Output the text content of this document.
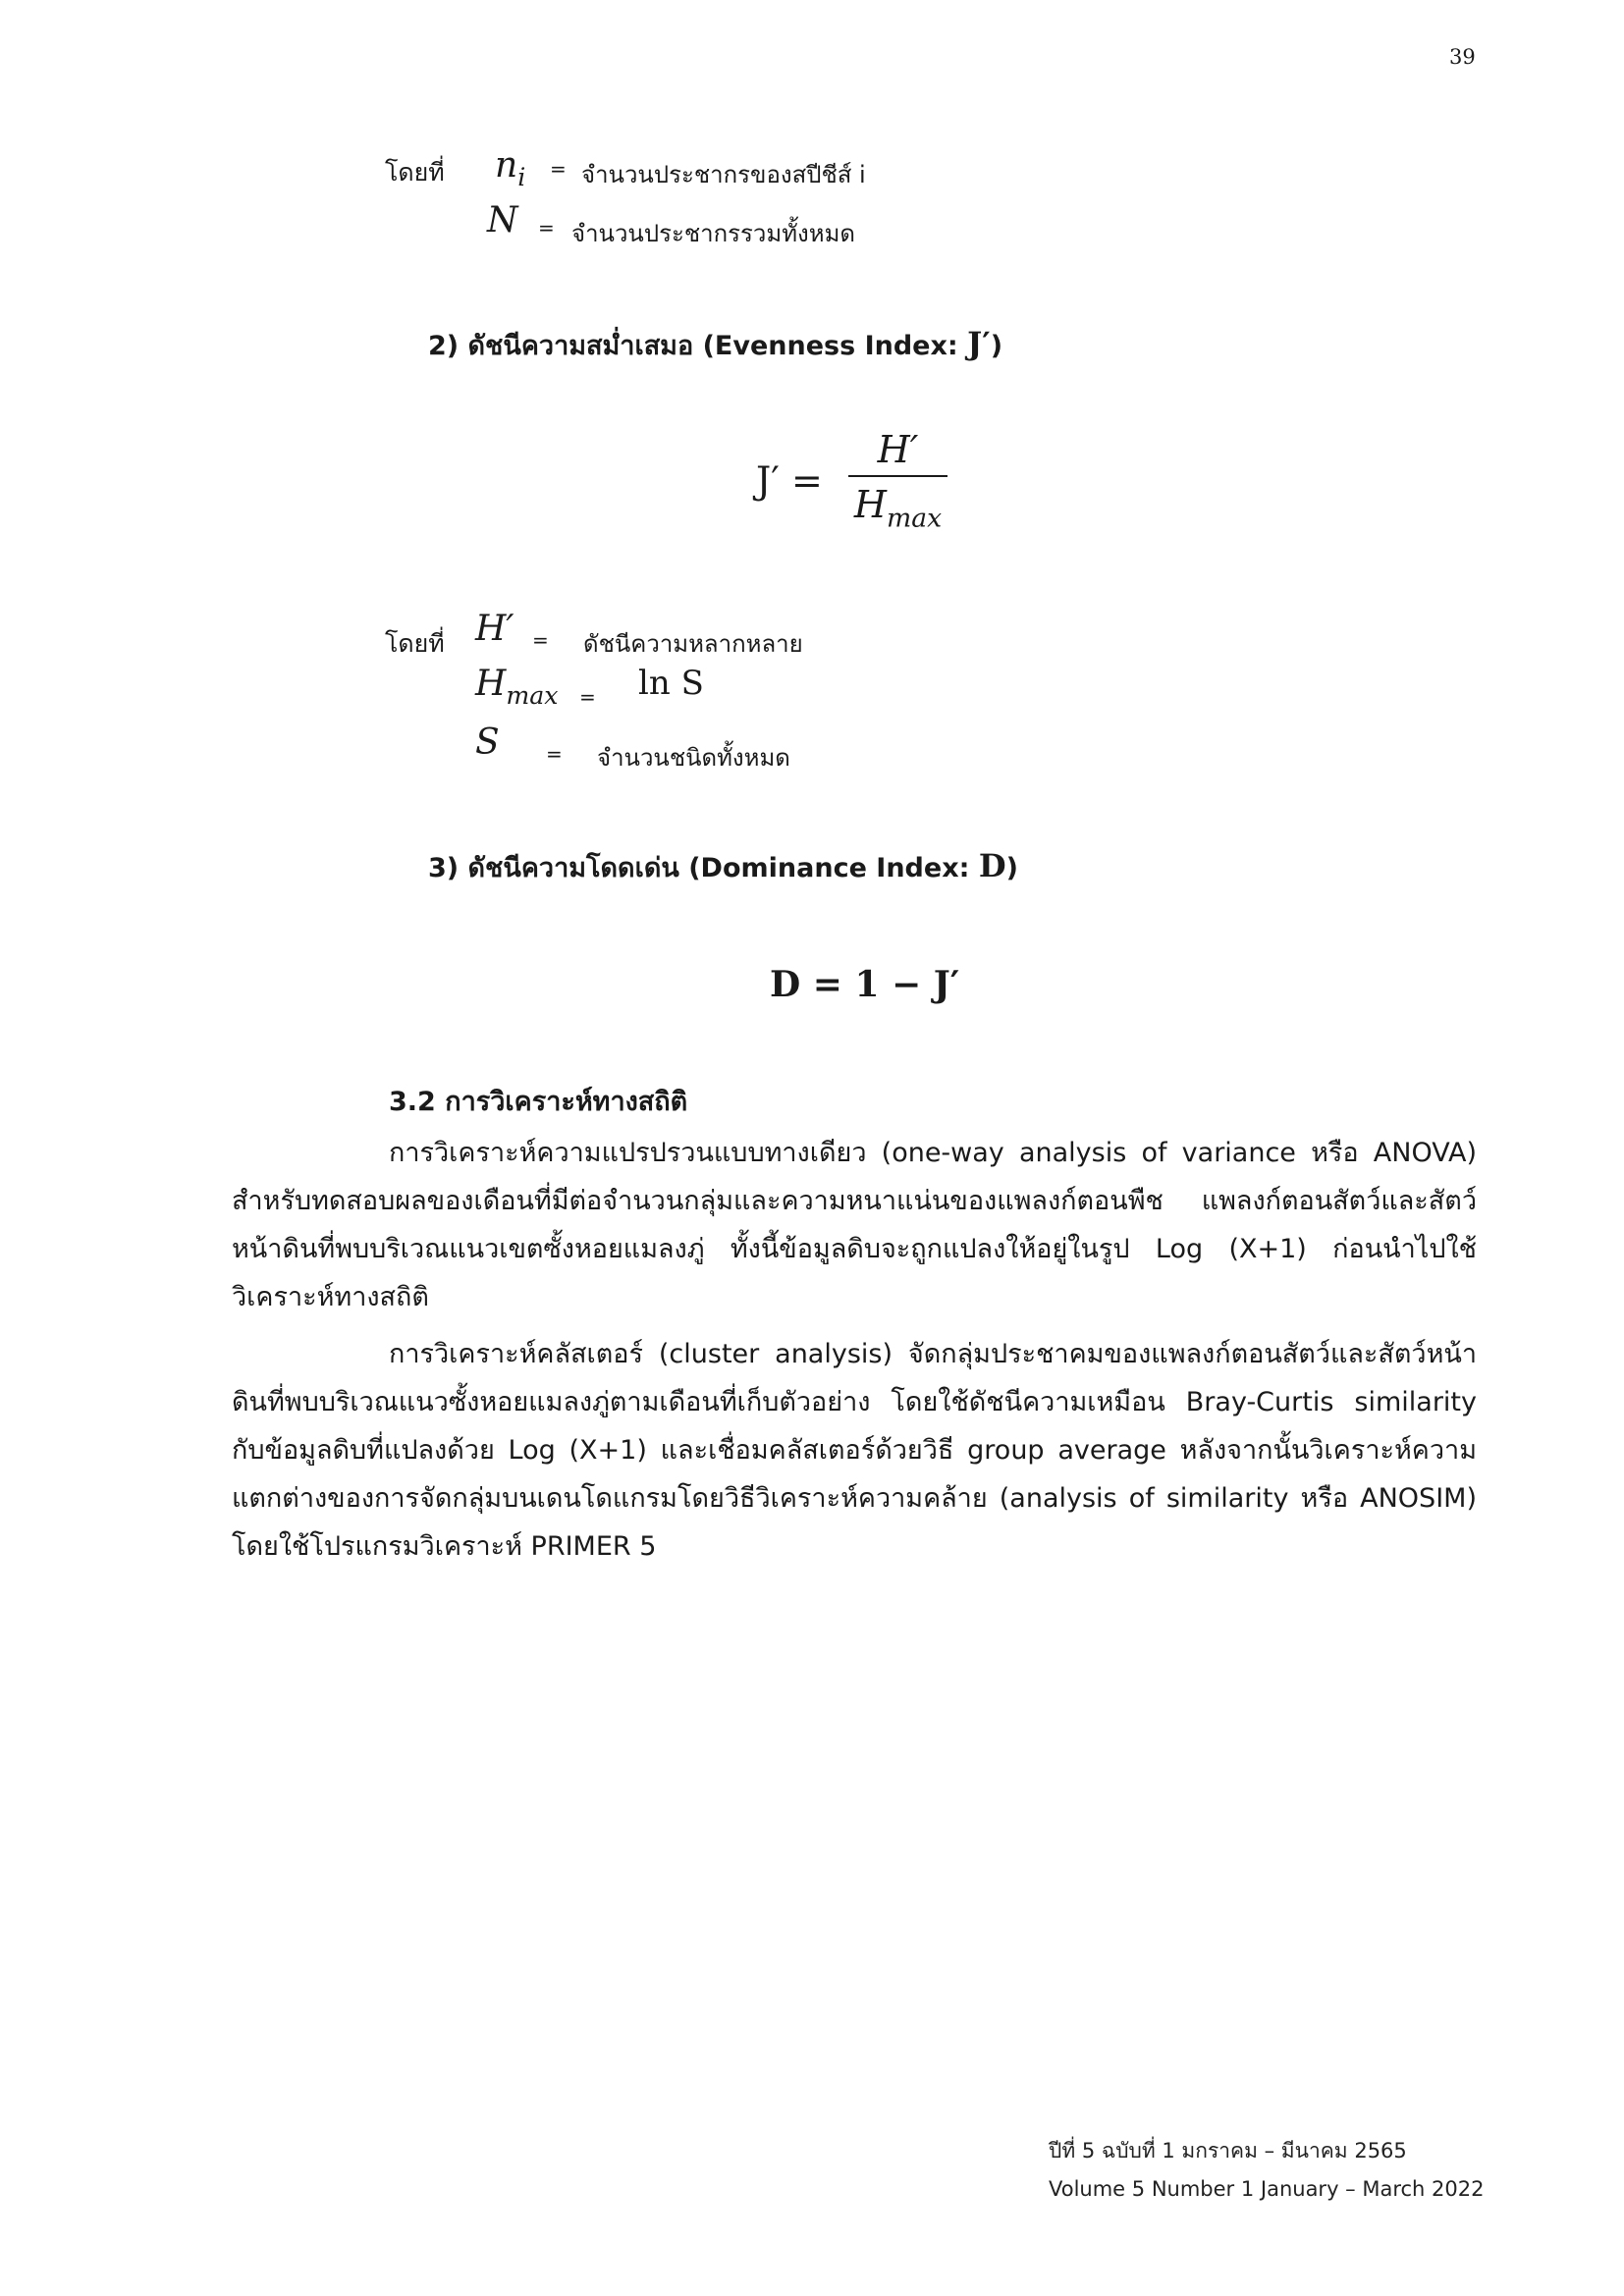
39
โดยที่ $n_i$ = จำนวนประชากรของสปีชีส์ i
N = จำนวนประชากรรวมทั้งหมด
2) ดัชนีความสม่ำเสมอ (Evenness Index: J′)
$J' = \frac{H'}{H_{max}}$
โดยที่ H′ = ดัชนีความหลากหลาย
$H_{max} = \ln S$
S = จำนวนชนิดทั้งหมด
3) ดัชนีความโดดเด่น (Dominance Index: D)
D = 1 − J′
3.2 การวิเคราะห์ทางสถิติ

การวิเคราะห์ความแปรปรวนแบบทางเดียว (one-way analysis of variance หรือ ANOVA) สำหรับทดสอบผลของเดือนที่มีต่อจำนวนกลุ่มและความหนาแน่นของแพลงก์ตอนพืช แพลงก์ตอนสัตว์และสัตว์หน้าดินที่พบบริเวณแนวเขตซั้งหอยแมลงภู่ ทั้งนี้ข้อมูลดิบจะถูกแปลงให้อยู่ในรูป Log (X+1) ก่อนนำไปใช้วิเคราะห์ทางสถิติ

การวิเคราะห์คลัสเตอร์ (cluster analysis) จัดกลุ่มประชาคมของแพลงก์ตอนสัตว์และสัตว์หน้าดินที่พบบริเวณแนวซั้งหอยแมลงภู่ตามเดือนที่เก็บตัวอย่าง โดยใช้ดัชนีความเหมือน Bray-Curtis similarity กับข้อมูลดิบที่แปลงด้วย Log (X+1) และเชื่อมคลัสเตอร์ด้วยวิธี group average หลังจากนั้นวิเคราะห์ความแตกต่างของการจัดกลุ่มบนเดนโดแกรมโดยวิธีวิเคราะห์ความคล้าย (analysis of similarity หรือ ANOSIM) โดยใช้โปรแกรมวิเคราะห์ PRIMER 5

ปีที่ 5 ฉบับที่ 1 มกราคม – มีนาคม 2565
Volume 5 Number 1 January – March 2022
